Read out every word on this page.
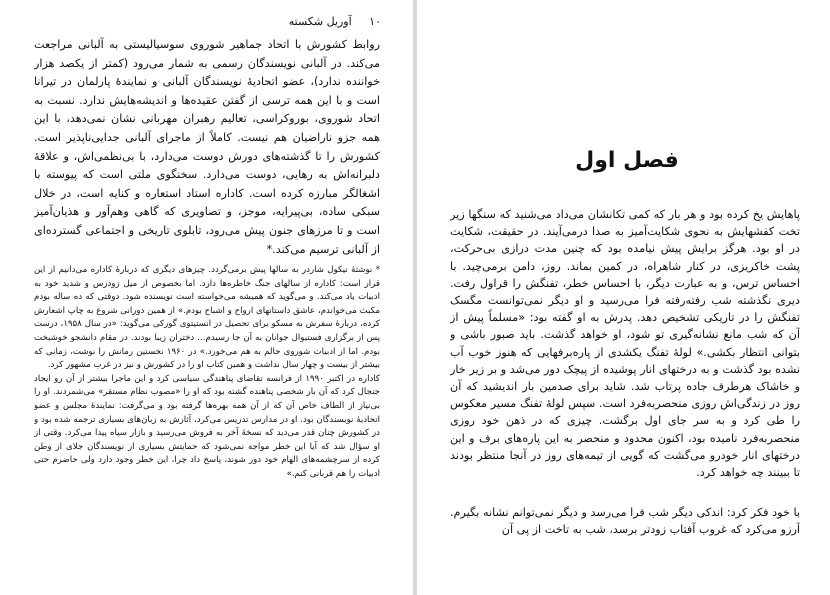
۱۰ آوریل شکسته

روابط کشورش با اتحاد جماهیر شوروی سوسیالیستی به آلبانی مراجعت می‌کند. در آلبانی نویسندگان رسمی به شمار می‌رود (کمتر از یکصد هزار خواننده ندارد)، عضو اتحادیهٔ نویسندگان آلبانی و نمایندهٔ پارلمان در تیرانا است و با این همه ترسی از گفتن عقیده‌ها و اندیشه‌هایش ندارد. نسبت به اتحاد شوروی، بوروکراسی، تعالیم رهبران مهربانی نشان نمی‌دهد، با این همه جزو ناراضیان هم نیست. کاملاً از ماجرای آلبانی جدایی‌ناپذیر است. کشورش را تا گذشته‌های دورش دوست می‌دارد، با بی‌نظمی‌اش، و علاقهٔ دلبرانه‌اش به رهایی، دوست می‌دارد. سخنگوی ملتی است که پیوسته با اشغالگر مبارزه کرده است. کاداره استاد استعاره و کنایه است، در خلال سبکی ساده، بی‌پیرایه، موجز، و تصاویری که گاهی وهم‌آور و هذیان‌آمیز است و تا مرزهای جنون پیش می‌رود، تابلوی تاریخی و اجتماعی گسترده‌ای از آلبانی ترسیم می‌کند.*

* نوشتهٔ نیکول شاردر به سالها پیش برمی‌گردد. چیزهای دیگری که دربارهٔ کاداره می‌دانیم از این قرار است: کاداره از سالهای جنگ خاطره‌ها دارد. اما بخصوص از میل زودرس و شدید خود به ادبیات یاد می‌کند. و می‌گوید که همیشه می‌خواسته است نویسنده شود. دوقتی که ده ساله بودم مکبث می‌خواندم، عاشق داستانهای ارواح و اشباح بودم.» از همین دورانی شروع به چاپ اشعارش کرده، دربارهٔ سفرش به مسکو برای تحصیل در انستیتوی گورکی می‌گوید: «در سال ۱۹۵۸، درست پس از برگزاری فستیوال جوانان به آن جا رسیدم... دختران زیبا بودند. در مقام دانشجو خوشبخت بودم. اما از ادبیات شوروی حالم به هم می‌خورد.» در ۱۹۶۰ نخستین رمانش را نوشت، زمانی که بیشتر از بیست و چهار سال نداشت و همین کتاب او را در کشورش و نیز در غرب مشهور کرد.

کاداره در اکتبر ۱۹۹۰ از فرانسه تقاضای پناهندگی سیاسی کرد و این ماجرا بیشتر از آن رو ایجاد جنجال کرد که آن بار شخصی پناهنده گشته بود که او را «مصوب نظام مستقر» می‌شمردند. او را بی‌نیاز از الطاف خاص آن که از آن همه بهره‌ها گرفته بود و می‌گرفت: نمایندهٔ مجلس و عضو اتحادیهٔ نویسندگان بود. او در مدارس تدریس می‌کرد، آثارش به زبان‌های بسیاری ترجمه شده بود و در کشورش چنان قدر می‌دید که نسخهٔ آخر به فروش می‌رسید و بازار سیاه پیدا می‌کرد. وقتی از او سؤال شد که آیا این خطر مواجه نمی‌شود که حمایتش بسیاری از نویسندگان جلای از وطن کرده از سرچشمه‌های الهام خود دور شوند، پاسخ داد چرا، این خطر وجود دارد ولی حاضرم حتی ادبیات را هم قربانی کنم.»

فصل اول

پاهایش یخ کرده بود و هر بار که کمی تکانشان می‌داد می‌شنید که سنگها زیر تخت کفشهایش به نحوی شکایت‌آمیز به صدا درمی‌آیند. در حقیقت، شکایت در او بود. هرگز برایش پیش نیامده بود که چنین مدت درازی بی‌حرکت، پشت خاکریزی، در کنار شاهراه، در کمین بماند. روز، دامن برمی‌چید. با احساس ترس، و به عبارت دیگر، با احساس خطر، تفنگش را قراول رفت. دیری نگذشته شب رفته‌رفته فرا می‌رسید و او دیگر نمی‌توانست مگسک تفنگش را در تاریکی تشخیص دهد. پدرش به او گفته بود: «مسلماً پیش از آن که شب مانع نشانه‌گیری تو شود، او خواهد گذشت. باید صبور باشی و بتوانی انتظار بکشی.» لولهٔ تفنگ یکشدی از پاره‌برفهایی که هنوز خوب آب نشده بود گذشت و به درختهای انار پوشیده از پیچک دور می‌شد و بر زیر خار و خاشاک هرطرف جاده پرتاب شد. شاید برای صدمین بار اندیشید که آن روز در زندگی‌اش روزی منحصربه‌فرد است. سپس لولهٔ تفنگ مسیر معکوس را طی کرد و به سر جای اول برگشت. چیزی که در ذهن خود روزی منحصربه‌فرد نامیده بود، اکنون محدود و منحصر به این پاره‌های برف و این درختهای انار خودرو می‌گشت که گویی از تیمه‌های روز در آنجا منتظر بودند تا ببینند چه خواهد کرد.

با خود فکر کرد: اندکی دیگر شب فرا می‌رسد و دیگر نمی‌توانم نشانه بگیرم. آرزو می‌کرد که غروب آفتاب زودتر برسد، شب به تاخت از پی آن
